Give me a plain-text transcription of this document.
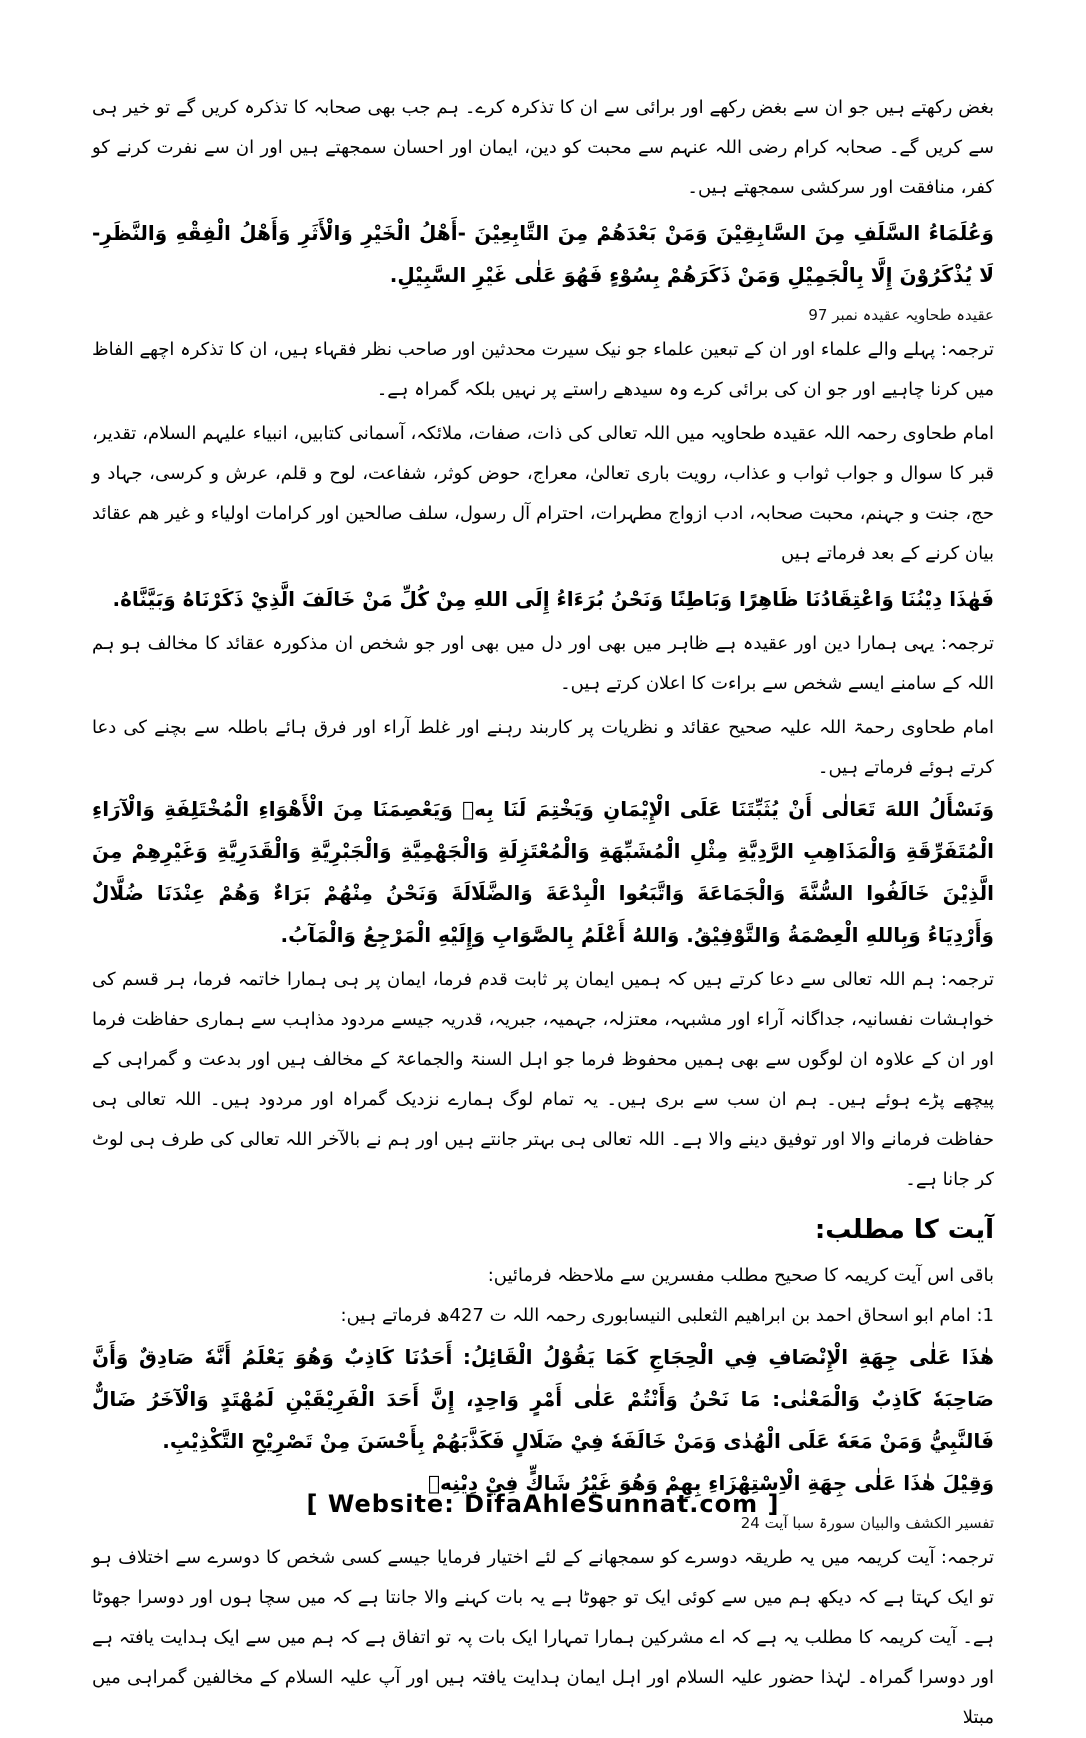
بغض رکھتے ہیں جو ان سے بغض رکھے اور برائی سے ان کا تذکرہ کرے۔ ہم جب بھی صحابہ کا تذکرہ کریں گے تو خیر ہی سے کریں گے۔ صحابہ کرام رضی اللہ عنہم سے محبت کو دین، ایمان اور احسان سمجھتے ہیں اور ان سے نفرت کرنے کو کفر، منافقت اور سرکشی سمجھتے ہیں۔

وَعُلَمَاءُ السَّلَفِ مِنَ السَّابِقِيْنَ وَمَنْ بَعْدَهُمْ مِنَ التَّابِعِيْنَ -أَهْلُ الْخَيْرِ وَالْأَثَرِ وَأَهْلُ الْفِقْهِ وَالنَّظَرِ- لَا يُذْكَرُوْنَ إِلَّا بِالْجَمِيْلِ وَمَنْ ذَكَرَهُمْ بِسُوْءٍ فَهُوَ عَلٰى غَيْرِ السَّبِيْلِ.

عقیدہ طحاویہ عقیدہ نمبر 97

ترجمہ: پہلے والے علماء اور ان کے تبعین علماء جو نیک سیرت محدثین اور صاحب نظر فقہاء ہیں، ان کا تذکرہ اچھے الفاظ میں کرنا چاہیے اور جو ان کی برائی کرے وہ سیدھے راستے پر نہیں بلکہ گمراہ ہے۔

امام طحاوی رحمہ اللہ عقیدہ طحاویہ میں اللہ تعالی کی ذات، صفات، ملائکہ، آسمانی کتابیں، انبیاء علیہم السلام، تقدیر، قبر کا سوال و جواب ثواب و عذاب، رویت باری تعالیٰ، معراج، حوض کوثر، شفاعت، لوح و قلم، عرش و کرسی، جہاد و حج، جنت و جہنم، محبت صحابہ، ادب ازواج مطہرات، احترام آل رسول، سلف صالحین اور کرامات اولیاء و غیر ھم عقائد بیان کرنے کے بعد فرماتے ہیں

فَهٰذَا دِيْنُنَا وَاعْتِقَادُنَا ظَاهِرًا وَبَاطِنًا وَنَحْنُ بُرَءَاءُ إِلَى اللهِ مِنْ كُلِّ مَنْ خَالَفَ الَّذِيْ ذَكَرْنَاهُ وَبَيَّنَّاهُ.

ترجمہ: یہی ہمارا دین اور عقیدہ ہے ظاہر میں بھی اور دل میں بھی اور جو شخص ان مذکورہ عقائد کا مخالف ہو ہم اللہ کے سامنے ایسے شخص سے براءت کا اعلان کرتے ہیں۔

امام طحاوی رحمۃ اللہ علیہ صحیح عقائد و نظریات پر کاربند رہنے اور غلط آراء اور فرق ہائے باطلہ سے بچنے کی دعا کرتے ہوئے فرماتے ہیں۔

وَنَسْأَلُ اللهَ تَعَالٰى أَنْ يُثَبِّتَنَا عَلَى الْإِيْمَانِ وَيَخْتِمَ لَنَا بِهٖ وَيَعْصِمَنَا مِنَ الْأَهْوَاءِ الْمُخْتَلِفَةِ وَالْآرَاءِ الْمُتَفَرِّقَةِ وَالْمَذَاهِبِ الرَّدِيَّةِ مِثْلِ الْمُشَبِّهَةِ وَالْمُعْتَزِلَةِ وَالْجَهْمِيَّةِ وَالْجَبْرِيَّةِ وَالْقَدَرِيَّةِ وَغَيْرِهِمْ مِنَ الَّذِيْنَ خَالَفُوا السُّنَّةَ وَالْجَمَاعَةَ وَاتَّبَعُوا الْبِدْعَةَ وَالضَّلَالَةَ وَنَحْنُ مِنْهُمْ بَرَاءٌ وَهُمْ عِنْدَنَا ضُلَّالٌ وَأَرْدِيَاءُ وَبِاللهِ الْعِصْمَةُ وَالتَّوْفِيْقُ. وَاللهُ أَعْلَمُ بِالصَّوَابِ وَإِلَيْهِ الْمَرْجِعُ وَالْمَآبُ.

ترجمہ: ہم اللہ تعالی سے دعا کرتے ہیں کہ ہمیں ایمان پر ثابت قدم فرما، ایمان پر ہی ہمارا خاتمہ فرما، ہر قسم کی خواہشات نفسانیہ، جداگانہ آراء اور مشبہہ، معتزلہ، جہمیہ، جبریہ، قدریہ جیسے مردود مذاہب سے ہماری حفاظت فرما اور ان کے علاوہ ان لوگوں سے بھی ہمیں محفوظ فرما جو اہل السنۃ والجماعۃ کے مخالف ہیں اور بدعت و گمراہی کے پیچھے پڑے ہوئے ہیں۔ ہم ان سب سے بری ہیں۔ یہ تمام لوگ ہمارے نزدیک گمراہ اور مردود ہیں۔ اللہ تعالی ہی حفاظت فرمانے والا اور توفیق دینے والا ہے۔ اللہ تعالی ہی بہتر جانتے ہیں اور ہم نے بالآخر اللہ تعالی کی طرف ہی لوٹ کر جانا ہے۔

آیت کا مطلب:

باقی اس آیت کریمہ کا صحیح مطلب مفسرین سے ملاحظہ فرمائیں:

1: امام ابو اسحاق احمد بن ابراھیم الثعلبی النیسابوری رحمہ اللہ ت 427ھ فرماتے ہیں:

هٰذَا عَلٰى جِهَةِ الْإِنْصَافِ فِي الْحِجَاجِ كَمَا يَقُوْلُ الْقَائِلُ: أَحَدُنَا كَاذِبٌ وَهُوَ يَعْلَمُ أَنَّهٗ صَادِقٌ وَأَنَّ صَاحِبَهٗ كَاذِبٌ وَالْمَعْنٰى: مَا نَحْنُ وَأَنْتُمْ عَلٰى أَمْرٍ وَاحِدٍ، إِنَّ أَحَدَ الْفَرِيْقَيْنِ لَمُهْتَدٍ وَالْآخَرُ ضَالٌّ فَالنَّبِيُّ وَمَنْ مَعَهٗ عَلَى الْهُدٰى وَمَنْ خَالَفَهٗ فِيْ ضَلَالٍ فَكَذَّبَهُمْ بِأَحْسَنَ مِنْ تَصْرِيْحِ التَّكْذِيْبِ.

وَقِيْلَ هٰذَا عَلٰى جِهَةِ الْاِسْتِهْزَاءِ بِهِمْ وَهُوَ غَيْرُ شَاكٍّ فِيْ دِيْنِهٖ

تفسیر الکشف والبیان سورۃ سبا آیت 24

ترجمہ: آیت کریمہ میں یہ طریقہ دوسرے کو سمجھانے کے لئے اختیار فرمایا جیسے کسی شخص کا دوسرے سے اختلاف ہو تو ایک کہتا ہے کہ دیکھ ہم میں سے کوئی ایک تو جھوٹا ہے یہ بات کہنے والا جانتا ہے کہ میں سچا ہوں اور دوسرا جھوٹا ہے۔ آیت کریمہ کا مطلب یہ ہے کہ اے مشرکین ہمارا تمہارا ایک بات پہ تو اتفاق ہے کہ ہم میں سے ایک ہدایت یافتہ ہے اور دوسرا گمراہ۔ لہٰذا حضور علیہ السلام اور اہل ایمان ہدایت یافتہ ہیں اور آپ علیہ السلام کے مخالفین گمراہی میں مبتلا

[ Website: DifaAhleSunnat.com ]
